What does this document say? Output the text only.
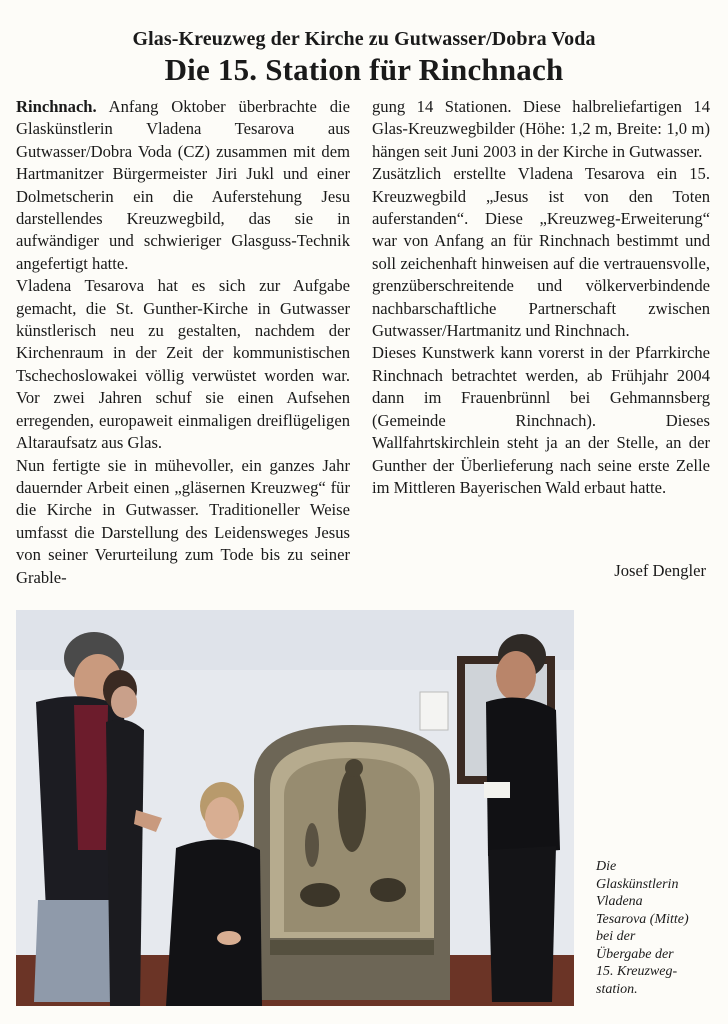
Glas-Kreuzweg der Kirche zu Gutwasser/Dobra Voda
Die 15. Station für Rinchnach

Rinchnach. Anfang Oktober überbrachte die Glaskünstlerin Vladena Tesarova aus Gutwasser/Dobra Voda (CZ) zusammen mit dem Hartmanitzer Bürgermeister Jiri Jukl und einer Dolmetscherin ein die Auferstehung Jesu darstellendes Kreuzwegbild, das sie in aufwändiger und schwieriger Glasguss-Technik angefertigt hatte.

Vladena Tesarova hat es sich zur Aufgabe gemacht, die St. Gunther-Kirche in Gutwasser künstlerisch neu zu gestalten, nachdem der Kirchenraum in der Zeit der kommunistischen Tschechoslowakei völlig verwüstet worden war. Vor zwei Jahren schuf sie einen Aufsehen erregenden, europaweit einmaligen dreiflügeligen Altaraufsatz aus Glas.

Nun fertigte sie in mühevoller, ein ganzes Jahr dauernder Arbeit einen „gläsernen Kreuzweg“ für die Kirche in Gutwasser. Traditioneller Weise umfasst die Darstellung des Leidensweges Jesus von seiner Verurteilung zum Tode bis zu seiner Grable-

gung 14 Stationen. Diese halbreliefartigen 14 Glas-Kreuzwegbilder (Höhe: 1,2 m, Breite: 1,0 m) hängen seit Juni 2003 in der Kirche in Gutwasser.

Zusätzlich erstellte Vladena Tesarova ein 15. Kreuzwegbild „Jesus ist von den Toten auferstanden“. Diese „Kreuzweg-Erweiterung“ war von Anfang an für Rinchnach bestimmt und soll zeichenhaft hinweisen auf die vertrauensvolle, grenzüberschreitende und völkerverbindende nachbarschaftliche Partnerschaft zwischen Gutwasser/Hartmanitz und Rinchnach.

Dieses Kunstwerk kann vorerst in der Pfarrkirche Rinchnach betrachtet werden, ab Frühjahr 2004 dann im Frauenbrünnl bei Gehmannsberg (Gemeinde Rinchnach). Dieses Wallfahrtskirchlein steht ja an der Stelle, an der Gunther der Überlieferung nach seine erste Zelle im Mittleren Bayerischen Wald erbaut hatte.

Josef Dengler
Die
Glaskünstlerin
Vladena
Tesarova (Mitte)
bei der
Übergabe der
15. Kreuzweg-
station.
